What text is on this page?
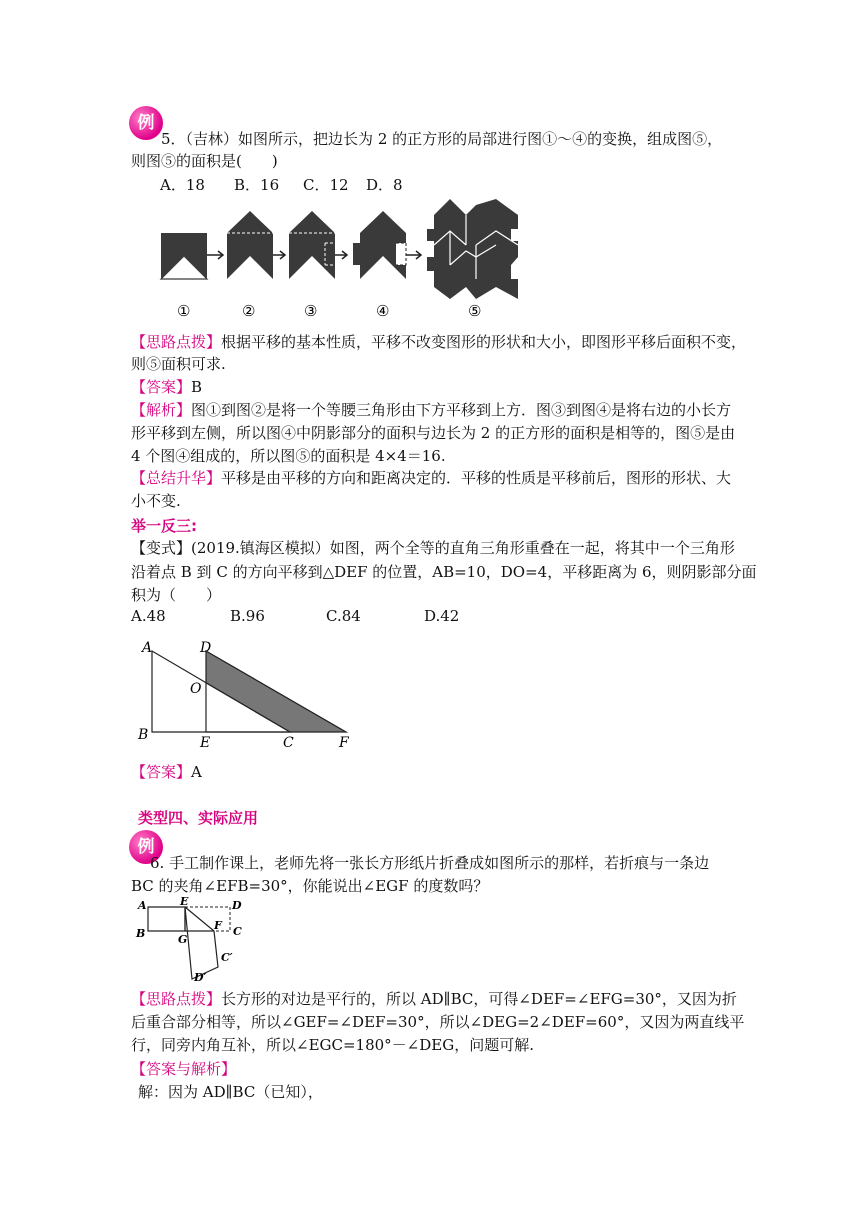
例
5．（吉林）如图所示，把边长为 2 的正方形的局部进行图①～④的变换，组成图⑤，
则图⑤的面积是(　　)
A．18 B．16 C．12 D．8
①	②	③	④	⑤
【思路点拨】根据平移的基本性质，平移不改变图形的形状和大小，即图形平移后面积不变，
则⑤面积可求.
【答案】B
【解析】图①到图②是将一个等腰三角形由下方平移到上方．图③到图④是将右边的小长方
形平移到左侧，所以图④中阴影部分的面积与边长为 2 的正方形的面积是相等的，图⑤是由
4 个图④组成的，所以图⑤的面积是 4×4＝16.
【总结升华】平移是由平移的方向和距离决定的．平移的性质是平移前后，图形的形状、大
小不变.
举一反三:
【变式】(2019.镇海区模拟）如图，两个全等的直角三角形重叠在一起，将其中一个三角形
沿着点 B 到 C 的方向平移到△DEF 的位置，AB=10，DO=4，平移距离为 6，则阴影部分面
积为（　　）
A.48	B.96	C.84	D.42
A	D
O
B	E	C	F
【答案】A
类型四、实际应用
例
6. 手工制作课上，老师先将一张长方形纸片折叠成如图所示的那样，若折痕与一条边
BC 的夹角∠EFB=30°，你能说出∠EGF 的度数吗？
A	E	D
B	G
F C
C′
D′
【思路点拨】长方形的对边是平行的，所以 AD∥BC，可得∠DEF=∠EFG=30°，又因为折
后重合部分相等，所以∠GEF=∠DEF=30°，所以∠DEG=2∠DEF=60°，又因为两直线平
行，同旁内角互补，所以∠EGC=180°－∠DEG，问题可解.
【答案与解析】
解：因为 AD∥BC（已知），
